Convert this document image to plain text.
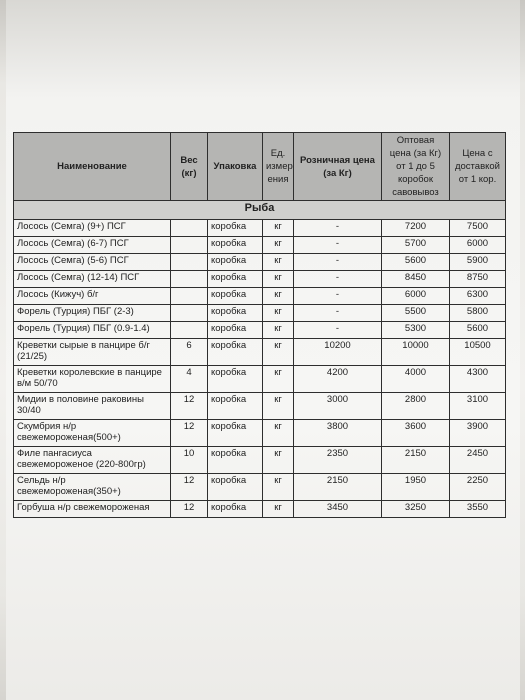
Наименование	Вес (кг)	Упаковка	Ед. измер ения	Розничная цена (за Кг)	Оптовая цена (за Кг) от 1 до 5 коробок савовывоз	Цена с доставкой от 1 кор.
Рыба						
Лосось (Семга) (9+) ПСГ		коробка	кг	-	7200	7500
Лосось (Семга) (6-7) ПСГ		коробка	кг	-	5700	6000
Лосось (Семга) (5-6) ПСГ		коробка	кг	-	5600	5900
Лосось (Семга) (12-14) ПСГ		коробка	кг	-	8450	8750
Лосось (Кижуч) б/г		коробка	кг	-	6000	6300
Форель (Турция) ПБГ (2-3)		коробка	кг	-	5500	5800
Форель (Турция) ПБГ (0.9-1.4)		коробка	кг	-	5300	5600
Креветки сырые в панцире б/г (21/25)	6	коробка	кг	10200	10000	10500
Креветки королевские в панцире в/м 50/70	4	коробка	кг	4200	4000	4300
Мидии в половине раковины 30/40	12	коробка	кг	3000	2800	3100
Скумбрия н/р свежемороженая(500+)	12	коробка	кг	3800	3600	3900
Филе пангасиуса свежемороженое (220-800гр)	10	коробка	кг	2350	2150	2450
Сельдь н/р свежемороженая(350+)	12	коробка	кг	2150	1950	2250
Горбуша н/р свежемороженая	12	коробка	кг	3450	3250	3550
